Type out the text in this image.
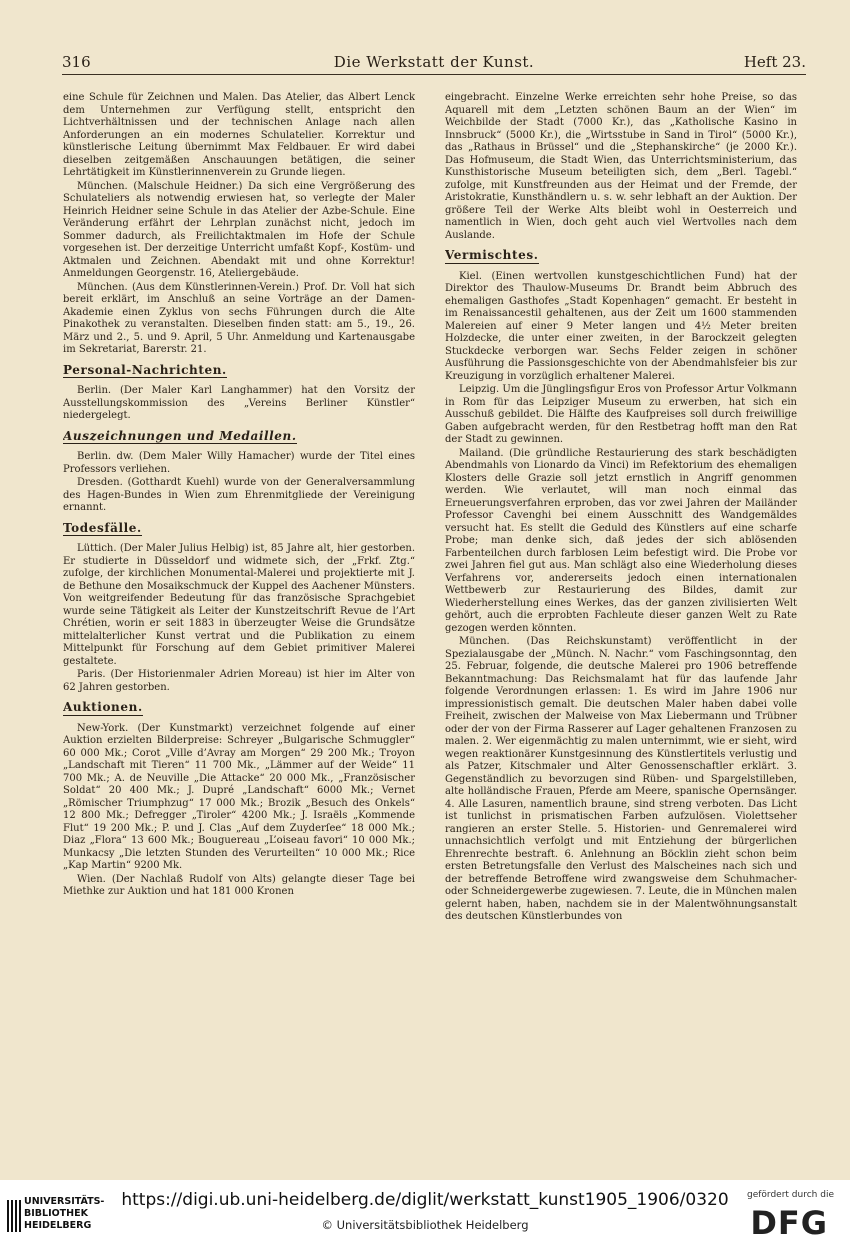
316	Die Werkstatt der Kunst.	Heft 23.

eine Schule für Zeichnen und Malen. Das Atelier, das Albert Lenck dem Unternehmen zur Verfügung stellt, entspricht den Lichtverhältnissen und der technischen Anlage nach allen Anforderungen an ein modernes Schulatelier. Korrektur und künstlerische Leitung übernimmt Max Feldbauer. Er wird dabei dieselben zeitgemäßen Anschauungen betätigen, die seiner Lehrtätigkeit im Künstlerinnenverein zu Grunde liegen.

München. (Malschule Heidner.) Da sich eine Vergrößerung des Schulateliers als notwendig erwiesen hat, so verlegte der Maler Heinrich Heidner seine Schule in das Atelier der Azbe-Schule. Eine Veränderung erfährt der Lehrplan zunächst nicht, jedoch im Sommer dadurch, als Freilichtaktmalen im Hofe der Schule vorgesehen ist. Der derzeitige Unterricht umfaßt Kopf-, Kostüm- und Aktmalen und Zeichnen. Abendakt mit und ohne Korrektur! Anmeldungen Georgenstr. 16, Ateliergebäude.

München. (Aus dem Künstlerinnen-Verein.) Prof. Dr. Voll hat sich bereit erklärt, im Anschluß an seine Vorträge an der Damen-Akademie einen Zyklus von sechs Führungen durch die Alte Pinakothek zu veranstalten. Dieselben finden statt: am 5., 19., 26. März und 2., 5. und 9. April, 5 Uhr. Anmeldung und Kartenausgabe im Sekretariat, Barerstr. 21.

Personal-Nachrichten.

Berlin. (Der Maler Karl Langhammer) hat den Vorsitz der Ausstellungskommission des „Vereins Berliner Künstler“ niedergelegt.

Auszeichnungen und Medaillen.

Berlin. dw. (Dem Maler Willy Hamacher) wurde der Titel eines Professors verliehen.

Dresden. (Gotthardt Kuehl) wurde von der Generalversammlung des Hagen-Bundes in Wien zum Ehrenmitgliede der Vereinigung ernannt.

Todesfälle.

Lüttich. (Der Maler Julius Helbig) ist, 85 Jahre alt, hier gestorben. Er studierte in Düsseldorf und widmete sich, der „Frkf. Ztg.“ zufolge, der kirchlichen Monumental-Malerei und projektierte mit J. de Bethune den Mosaikschmuck der Kuppel des Aachener Münsters. Von weitgreifender Bedeutung für das französische Sprachgebiet wurde seine Tätigkeit als Leiter der Kunstzeitschrift Revue de l’Art Chrétien, worin er seit 1883 in überzeugter Weise die Grundsätze mittelalterlicher Kunst vertrat und die Publikation zu einem Mittelpunkt für Forschung auf dem Gebiet primitiver Malerei gestaltete.

Paris. (Der Historienmaler Adrien Moreau) ist hier im Alter von 62 Jahren gestorben.

Auktionen.

New-York. (Der Kunstmarkt) verzeichnet folgende auf einer Auktion erzielten Bilderpreise: Schreyer „Bulgarische Schmuggler“ 60 000 Mk.; Corot „Ville d’Avray am Morgen“ 29 200 Mk.; Troyon „Landschaft mit Tieren“ 11 700 Mk., „Lämmer auf der Weide“ 11 700 Mk.; A. de Neuville „Die Attacke“ 20 000 Mk., „Französischer Soldat“ 20 400 Mk.; J. Dupré „Landschaft“ 6000 Mk.; Vernet „Römischer Triumphzug“ 17 000 Mk.; Brozik „Besuch des Onkels“ 12 800 Mk.; Defregger „Tiroler“ 4200 Mk.; J. Israëls „Kommende Flut“ 19 200 Mk.; P. und J. Clas „Auf dem Zuyderſee“ 18 000 Mk.; Diaz „Flora“ 13 600 Mk.; Bouguereau „L’oiseau favori“ 10 000 Mk.; Munkacsy „Die letzten Stunden des Verurteilten“ 10 000 Mk.; Rice „Kap Martin“ 9200 Mk.

Wien. (Der Nachlaß Rudolf von Alts) gelangte dieser Tage bei Miethke zur Auktion und hat 181 000 Kronen

eingebracht. Einzelne Werke erreichten sehr hohe Preise, so das Aquarell mit dem „Letzten schönen Baum an der Wien“ im Weichbilde der Stadt (7000 Kr.), das „Katholische Kasino in Innsbruck“ (5000 Kr.), die „Wirtsstube in Sand in Tirol“ (5000 Kr.), das „Rathaus in Brüssel“ und die „Stephanskirche“ (je 2000 Kr.). Das Hofmuseum, die Stadt Wien, das Unterrichtsministerium, das Kunsthistorische Museum beteiligten sich, dem „Berl. Tagebl.“ zufolge, mit Kunstfreunden aus der Heimat und der Fremde, der Aristokratie, Kunsthändlern u. s. w. sehr lebhaft an der Auktion. Der größere Teil der Werke Alts bleibt wohl in Oesterreich und namentlich in Wien, doch geht auch viel Wertvolles nach dem Auslande.

Vermischtes.

Kiel. (Einen wertvollen kunstgeschichtlichen Fund) hat der Direktor des Thaulow-Museums Dr. Brandt beim Abbruch des ehemaligen Gasthofes „Stadt Kopenhagen“ gemacht. Er besteht in im Renaissancestil gehaltenen, aus der Zeit um 1600 stammenden Malereien auf einer 9 Meter langen und 4½ Meter breiten Holzdecke, die unter einer zweiten, in der Barockzeit gelegten Stuckdecke verborgen war. Sechs Felder zeigen in schöner Ausführung die Passionsgeschichte von der Abendmahlsfeier bis zur Kreuzigung in vorzüglich erhaltener Malerei.

Leipzig. Um die Jünglingsfigur Eros von Professor Artur Volkmann in Rom für das Leipziger Museum zu erwerben, hat sich ein Ausschuß gebildet. Die Hälfte des Kaufpreises soll durch freiwillige Gaben aufgebracht werden, für den Restbetrag hofft man den Rat der Stadt zu gewinnen.

Mailand. (Die gründliche Restaurierung des stark beschädigten Abendmahls von Lionardo da Vinci) im Refektorium des ehemaligen Klosters delle Grazie soll jetzt ernstlich in Angriff genommen werden. Wie verlautet, will man noch einmal das Erneuerungsverfahren erproben, das vor zwei Jahren der Mailänder Professor Cavenghi bei einem Ausschnitt des Wandgemäldes versucht hat. Es stellt die Geduld des Künstlers auf eine scharfe Probe; man denke sich, daß jedes der sich ablösenden Farbenteilchen durch farblosen Leim befestigt wird. Die Probe vor zwei Jahren fiel gut aus. Man schlägt also eine Wiederholung dieses Verfahrens vor, andererseits jedoch einen internationalen Wettbewerb zur Restaurierung des Bildes, damit zur Wiederherstellung eines Werkes, das der ganzen zivilisierten Welt gehört, auch die erprobten Fachleute dieser ganzen Welt zu Rate gezogen werden könnten.

München. (Das Reichskunstamt) veröffentlicht in der Spezialausgabe der „Münch. N. Nachr.“ vom Faschingsonntag, den 25. Februar, folgende, die deutsche Malerei pro 1906 betreffende Bekanntmachung: Das Reichsmalamt hat für das laufende Jahr folgende Verordnungen erlassen: 1. Es wird im Jahre 1906 nur impressionistisch gemalt. Die deutschen Maler haben dabei volle Freiheit, zwischen der Malweise von Max Liebermann und Trübner oder der von der Firma Rasserer auf Lager gehaltenen Franzosen zu malen. 2. Wer eigenmächtig zu malen unternimmt, wie er sieht, wird wegen reaktionärer Kunstgesinnung des Künstlertitels verlustig und als Patzer, Kitschmaler und Alter Genossenschaftler erklärt. 3. Gegenständlich zu bevorzugen sind Rüben- und Spargelstilleben, alte holländische Frauen, Pferde am Meere, spanische Opernsänger. 4. Alle Lasuren, namentlich braune, sind streng verboten. Das Licht ist tunlichst in prismatischen Farben aufzulösen. Violettseher rangieren an erster Stelle. 5. Historien- und Genremalerei wird unnachsichtlich verfolgt und mit Entziehung der bürgerlichen Ehrenrechte bestraft. 6. Anlehnung an Böcklin zieht schon beim ersten Betretungsfalle den Verlust des Malscheines nach sich und der betreffende Betroffene wird zwangsweise dem Schuhmacher- oder Schneidergewerbe zugewiesen. 7. Leute, die in München malen gelernt haben, haben, nachdem sie in der Malentwöhnungsanstalt des deutschen Künstlerbundes von

UNIVERSITÄTS-
BIBLIOTHEK
HEIDELBERG
https://digi.ub.uni-heidelberg.de/diglit/werkstatt_kunst1905_1906/0320
© Universitätsbibliothek Heidelberg
gefördert durch die
DFG
